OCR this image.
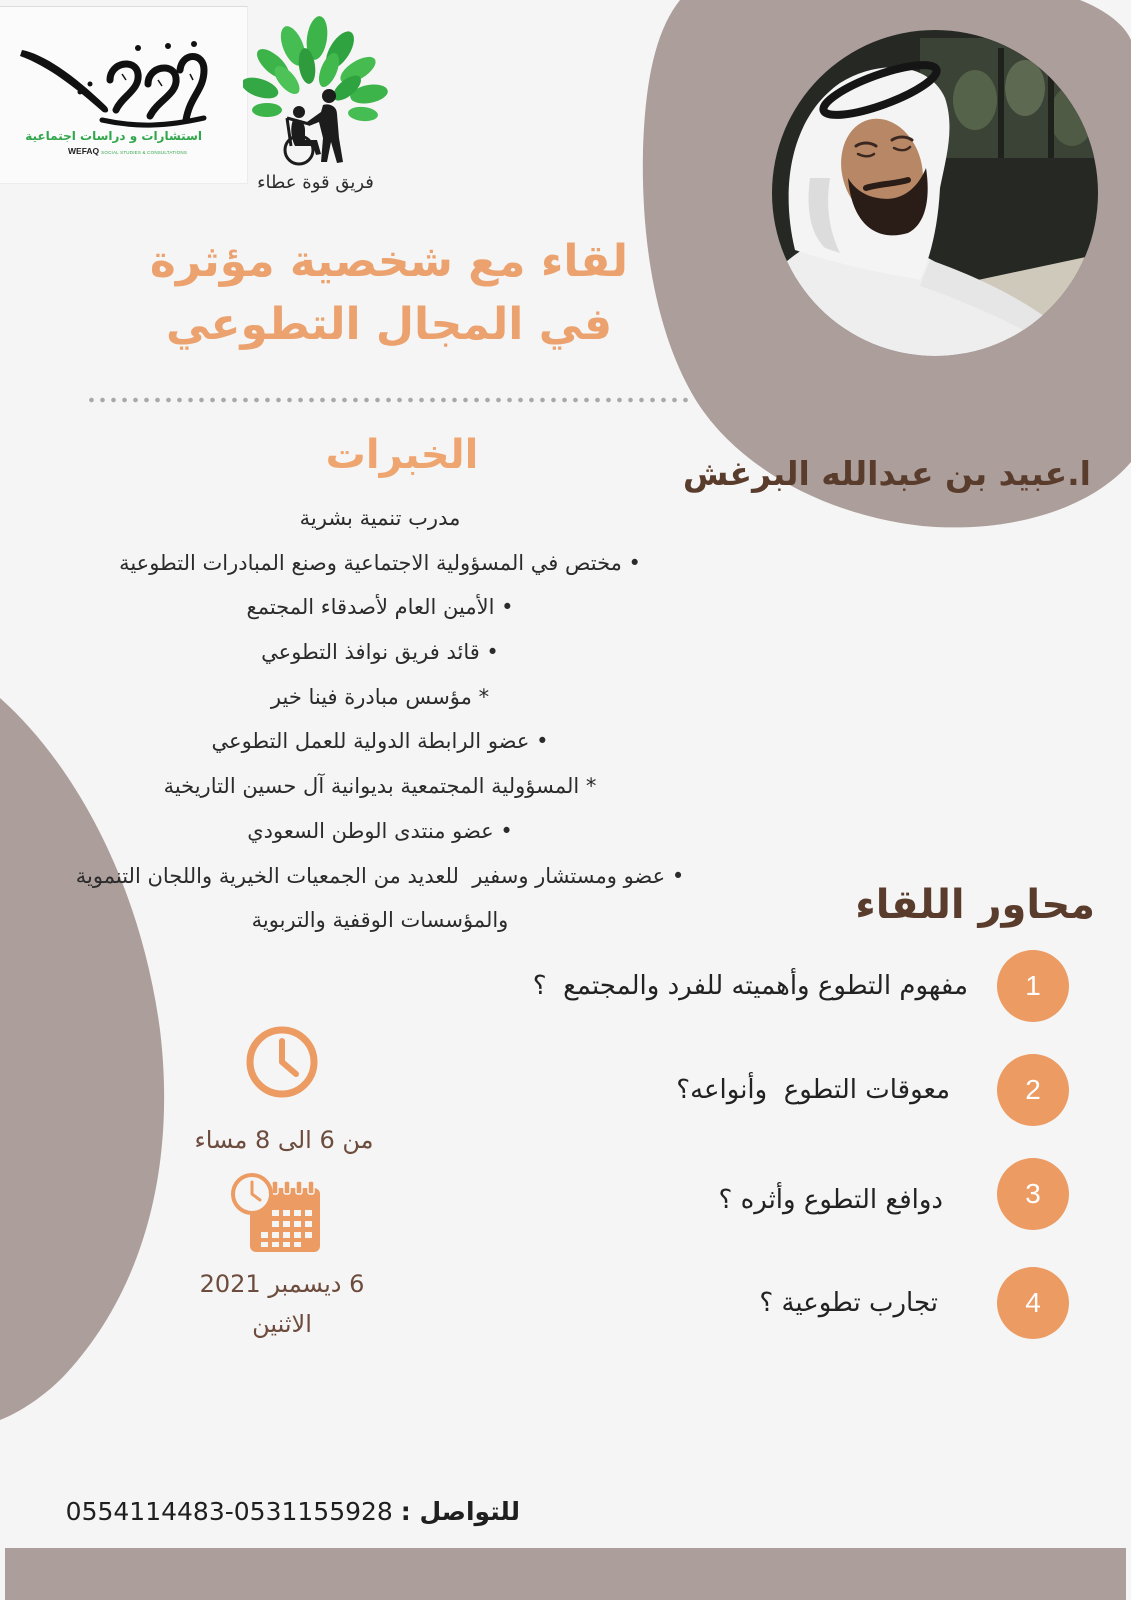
استشارات و دراسات اجتماعية
WEFAQ SOCIAL STUDIES & CONSULTATIONS
فريق قوة عطاء
ا.عبيد بن عبدالله البرغش
لقاء مع شخصية مؤثرة
في المجال التطوعي
الخبرات
مدرب تنمية بشرية
• مختص في المسؤولية الاجتماعية وصنع المبادرات التطوعية
• الأمين العام لأصدقاء المجتمع
• قائد فريق نوافذ التطوعي
* مؤسس مبادرة فينا خير
• عضو الرابطة الدولية للعمل التطوعي
* المسؤولية المجتمعية بديوانية آل حسين التاريخية
• عضو منتدى الوطن السعودي
• عضو ومستشار وسفير  للعديد من الجمعيات الخيرية واللجان التنموية
والمؤسسات الوقفية والتربوية	محاور اللقاء
1
مفهوم التطوع وأهميته للفرد والمجتمع  ؟
2
معوقات التطوع  وأنواعه؟
3
دوافع التطوع وأثره ؟
4
تجارب تطوعية ؟
من 6 الى 8 مساء
6 ديسمبر 2021
الاثنين
للتواصل : 0531155928-0554114483
